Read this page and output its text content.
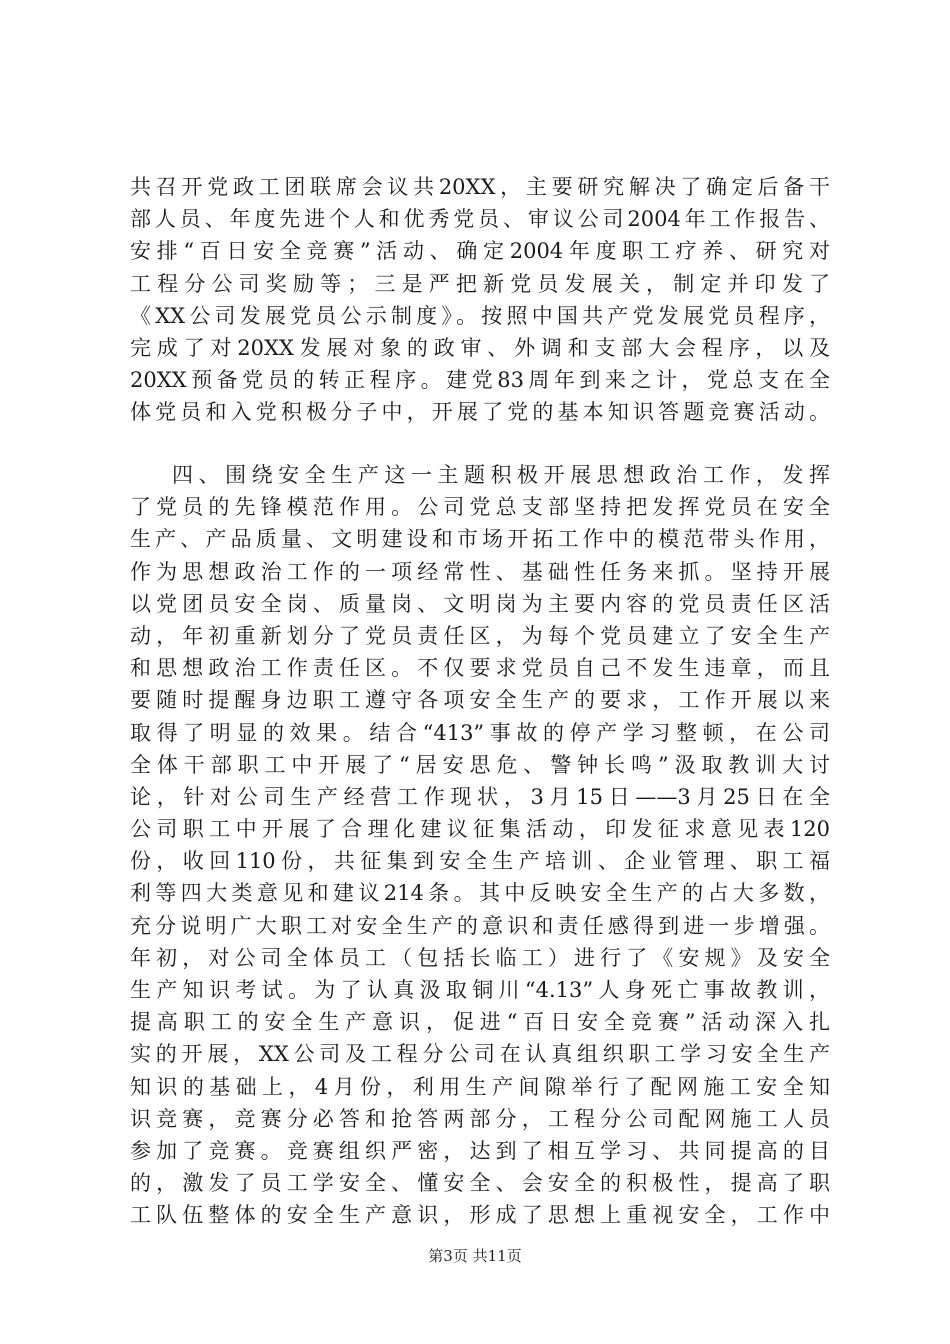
共召开党政工团联席会议共20XX，主要研究解决了确定后备干
部人员、年度先进个人和优秀党员、审议公司2004年工作报告、
安排“百日安全竞赛”活动、确定2004年度职工疗养、研究对
工程分公司奖励等；三是严把新党员发展关，制定并印发了
《XX公司发展党员公示制度》。按照中国共产党发展党员程序，
完成了对20XX发展对象的政审、外调和支部大会程序，以及
20XX预备党员的转正程序。建党83周年到来之计，党总支在全
体党员和入党积极分子中，开展了党的基本知识答题竞赛活动。
四、围绕安全生产这一主题积极开展思想政治工作，发挥
了党员的先锋模范作用。公司党总支部坚持把发挥党员在安全
生产、产品质量、文明建设和市场开拓工作中的模范带头作用，
作为思想政治工作的一项经常性、基础性任务来抓。坚持开展
以党团员安全岗、质量岗、文明岗为主要内容的党员责任区活
动，年初重新划分了党员责任区，为每个党员建立了安全生产
和思想政治工作责任区。不仅要求党员自己不发生违章，而且
要随时提醒身边职工遵守各项安全生产的要求，工作开展以来
取得了明显的效果。结合“413”事故的停产学习整顿，在公司
全体干部职工中开展了“居安思危、警钟长鸣”汲取教训大讨
论，针对公司生产经营工作现状，3月15日——3月25日在全
公司职工中开展了合理化建议征集活动，印发征求意见表120
份，收回110份，共征集到安全生产培训、企业管理、职工福
利等四大类意见和建议214条。其中反映安全生产的占大多数，
充分说明广大职工对安全生产的意识和责任感得到进一步增强。
年初，对公司全体员工（包括长临工）进行了《安规》及安全
生产知识考试。为了认真汲取铜川“4.13”人身死亡事故教训，
提高职工的安全生产意识，促进“百日安全竞赛”活动深入扎
实的开展，XX公司及工程分公司在认真组织职工学习安全生产
知识的基础上，4月份，利用生产间隙举行了配网施工安全知
识竞赛，竞赛分必答和抢答两部分，工程分公司配网施工人员
参加了竞赛。竞赛组织严密，达到了相互学习、共同提高的目
的，激发了员工学安全、懂安全、会安全的积极性，提高了职
工队伍整体的安全生产意识，形成了思想上重视安全，工作中
第3页 共11页
